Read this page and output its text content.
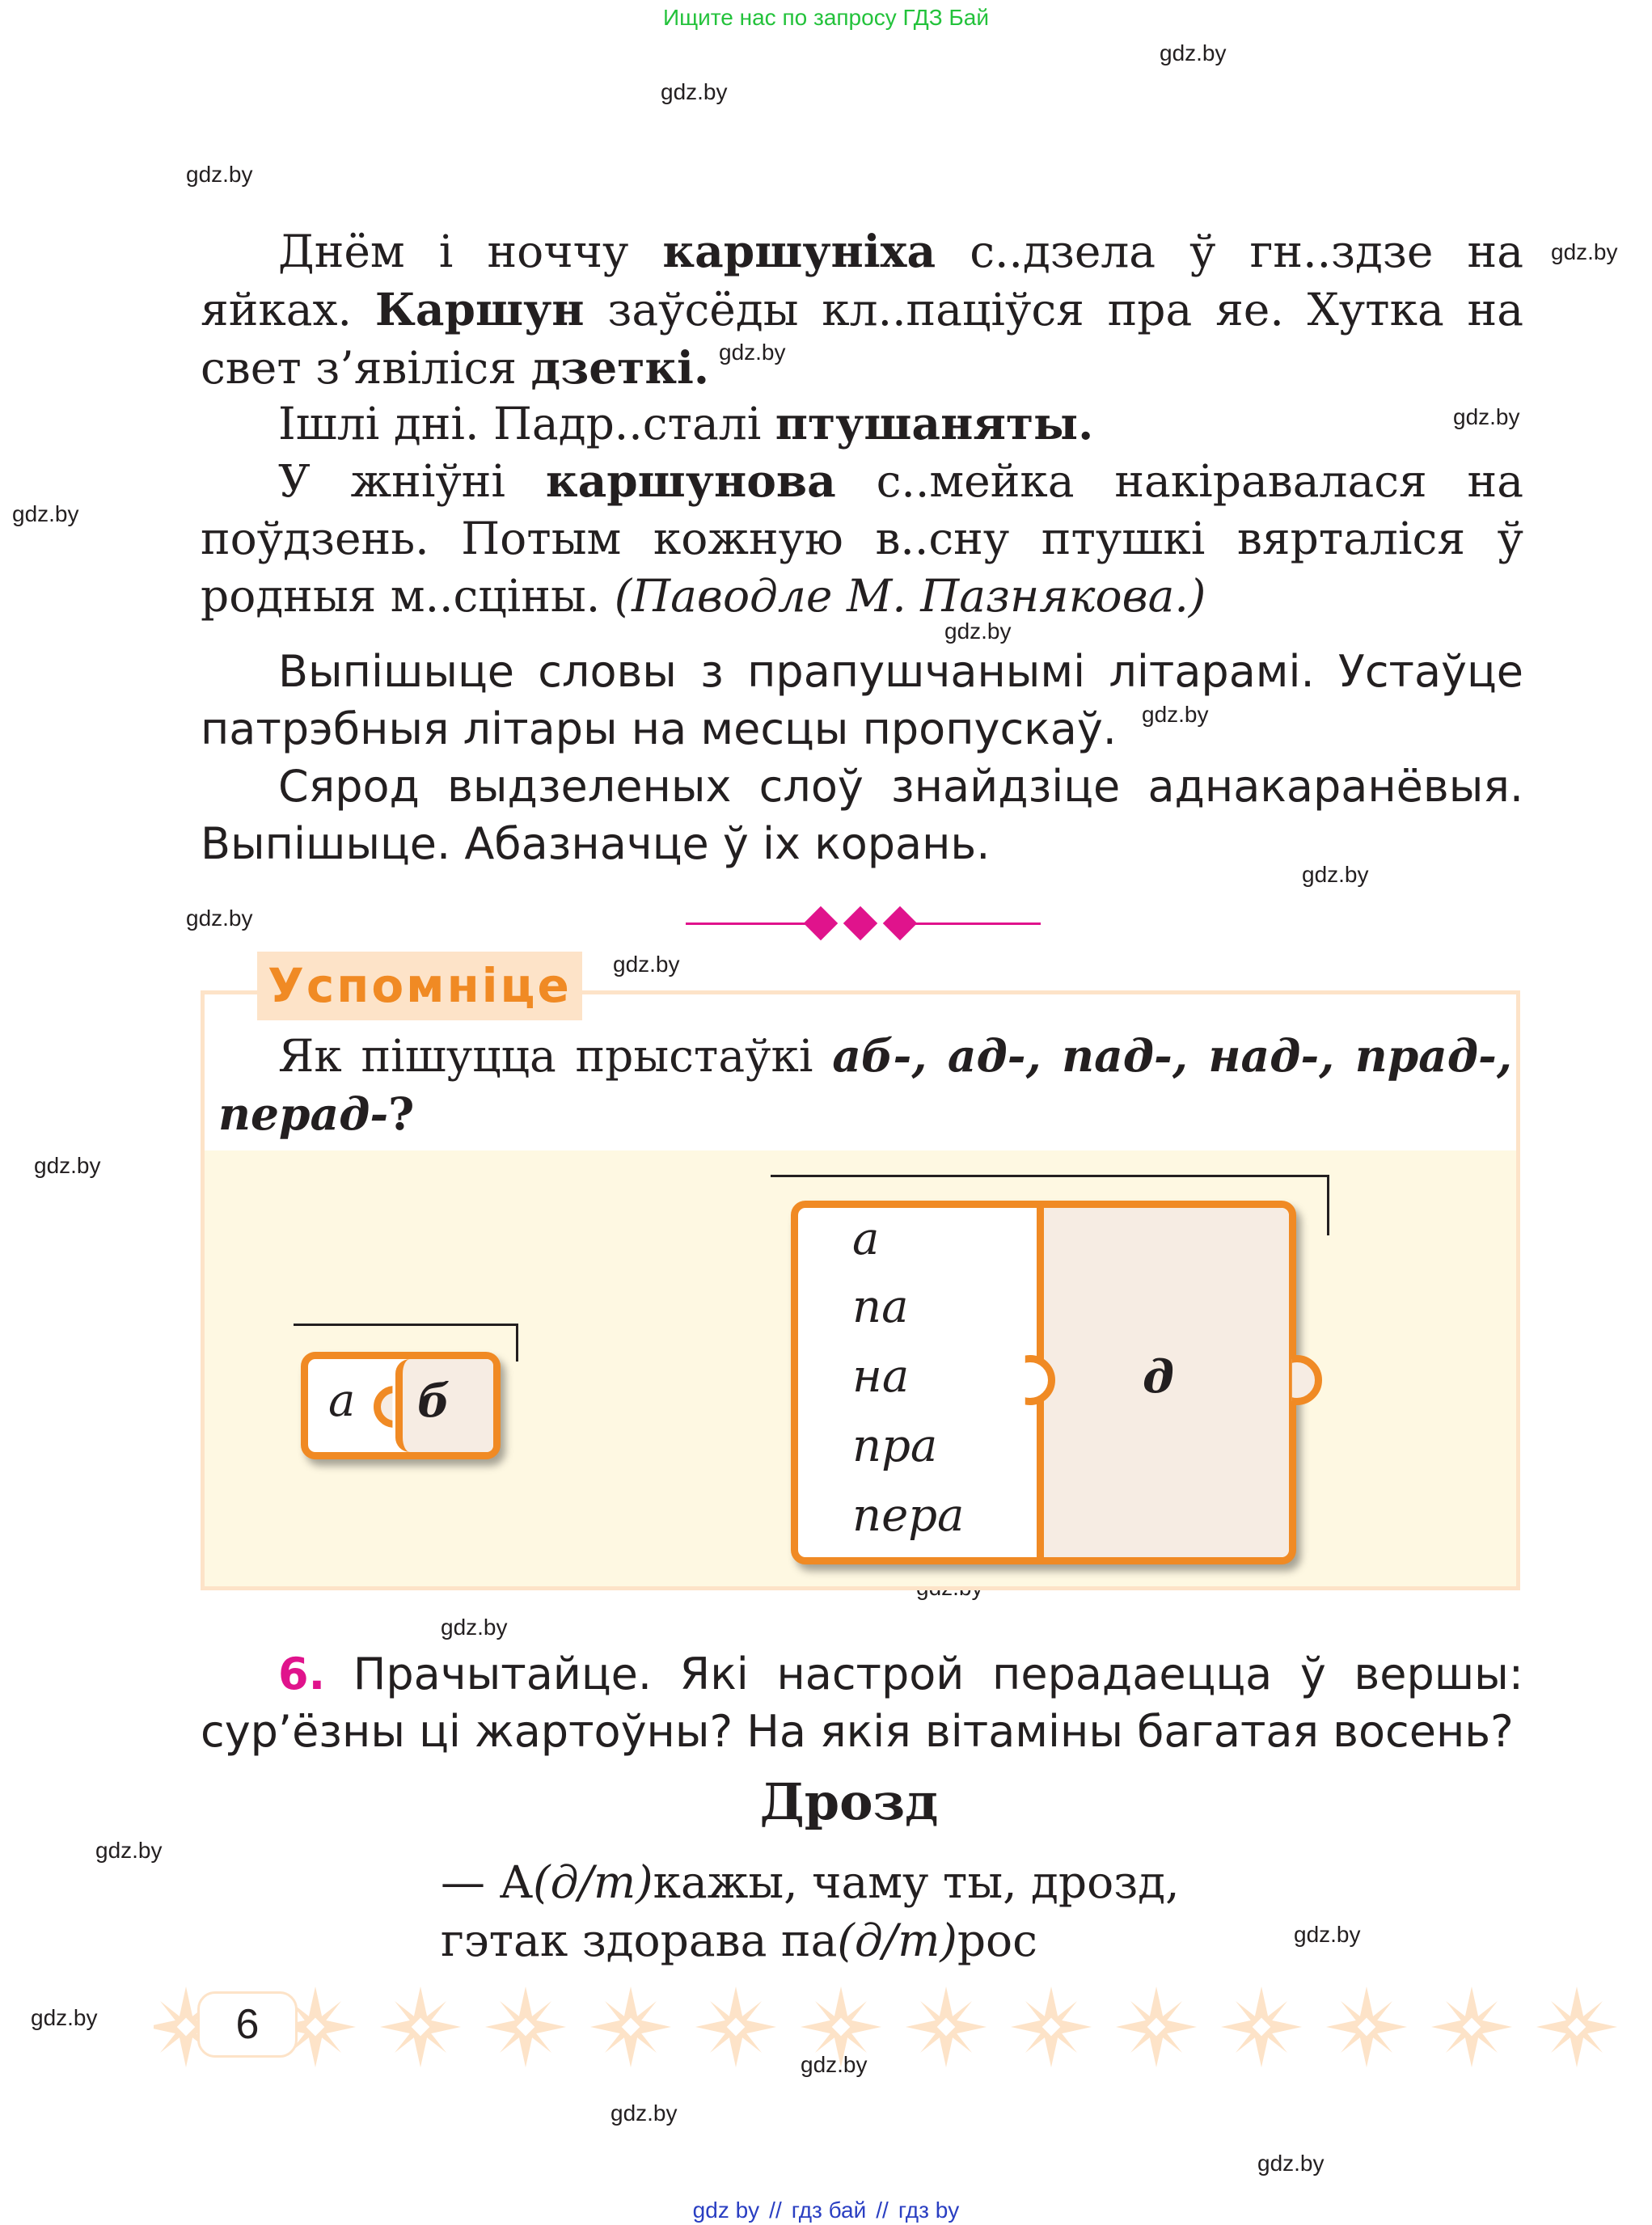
Ищите нас по запросу ГДЗ Бай
gdz.by
gdz.by
gdz.by
gdz.by
gdz.by
gdz.by
gdz.by
gdz.by
gdz.by
gdz.by
gdz.by
gdz.by
gdz.by
gdz.by
gdz.by
gdz.by
gdz.by
gdz.by
gdz.by
gdz.by
Днём і ноччу каршуніха с..дзела ў гн..здзе на яйках. Каршун заўсёды кл..паціўся пра яе. Хутка на свет з’явіліся дзеткі.
Ішлі дні. Падр..сталі птушаняты.
У жніўні каршунова с..мейка накіравалася на поўдзень. Потым кожную в..сну птушкі вярталіся ў родныя м..сціны. (Паводле М. Пазнякова.)
Выпішыце словы з прапушчанымі літарамі. Устаўце патрэбныя літары на месцы пропускаў.
Сярод выдзеленых слоў знайдзіце аднакаранёвыя. Выпішыце. Абазначце ў іх корань.
Успомніце
Як пішуцца прыстаўкі аб-, ад-, пад-, над-, прад-, перад-?
а б
а
па
на
пра
пера
д
6. Прачытайце. Які настрой перадаецца ў вершы: сур’ёзны ці жартоўны? На якія вітаміны багатая восень?
Дрозд
— А(д/т)кажы, чаму ты, дрозд,
гэтак здорава па(д/т)рос
6
gdz by // гдз бай // гдз by
